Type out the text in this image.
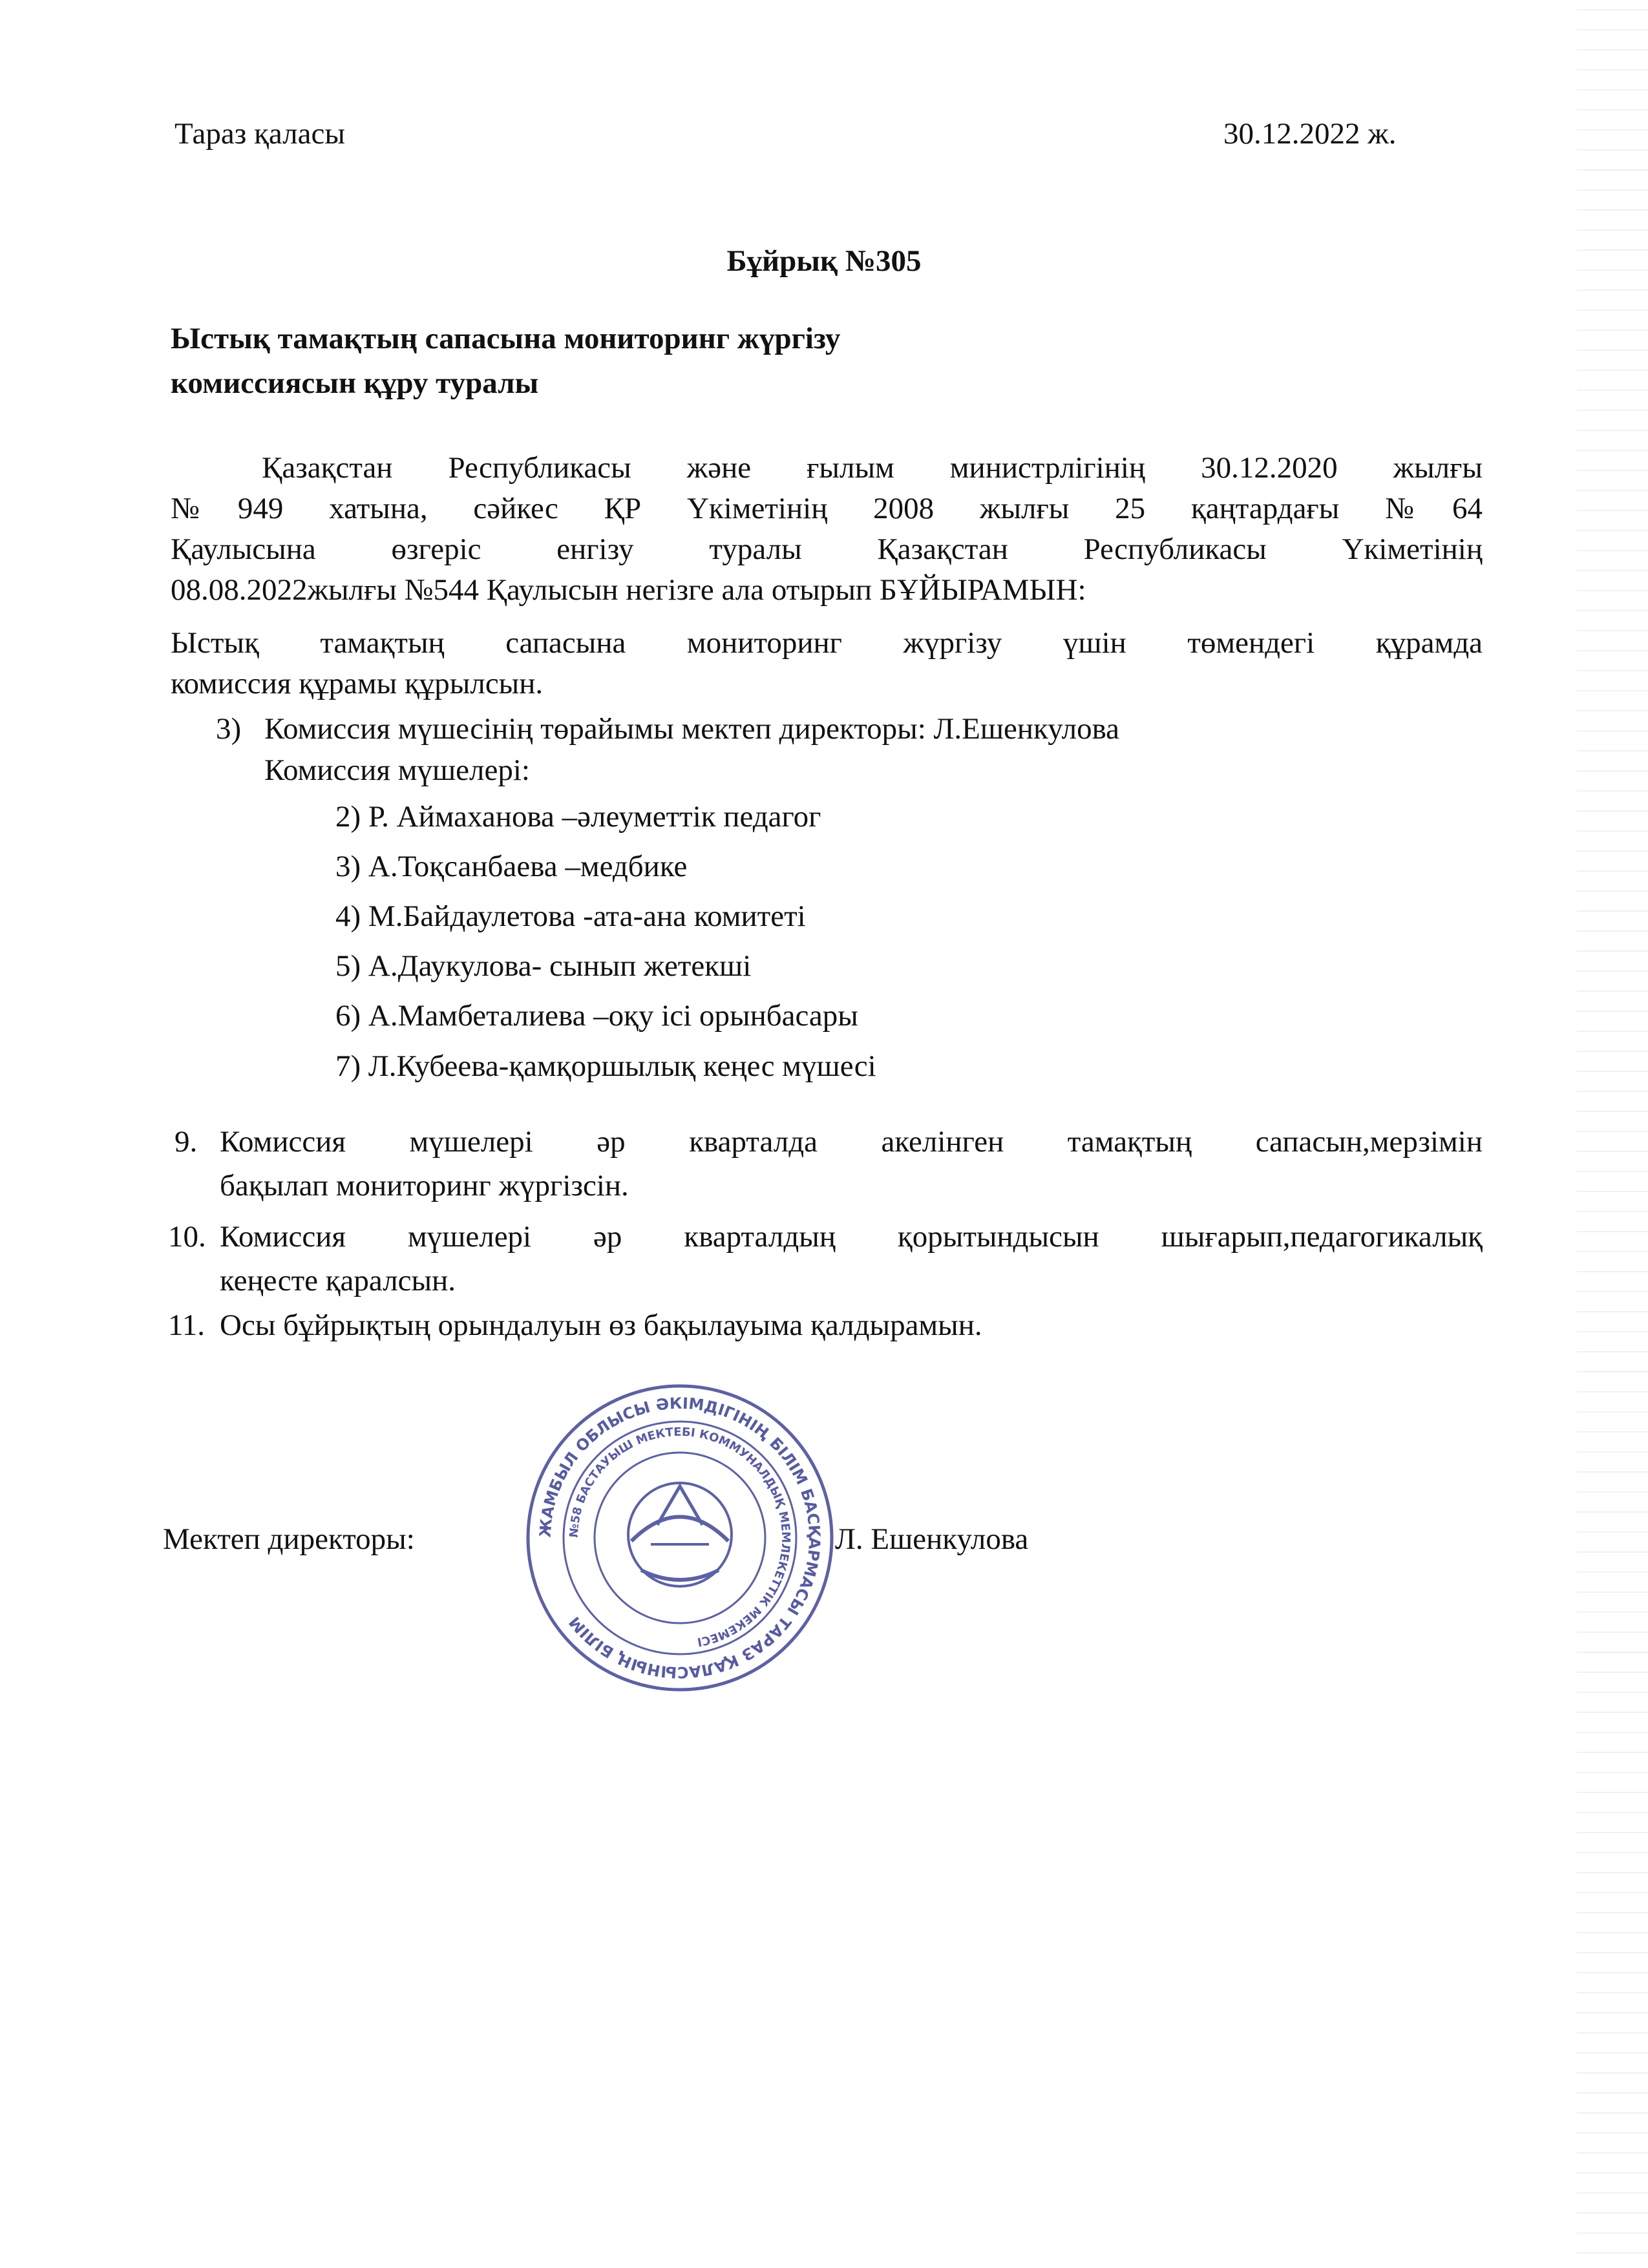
Тараз қаласы	30.12.2022 ж.
Бұйрық №305
Ыстық тамақтың сапасына мониторинг жүргізу
комиссиясын құру туралы
Қазақстан Республикасы және ғылым министрлігінің 30.12.2020 жылғы
№949 хатына, сәйкес ҚР Үкіметінің 2008 жылғы 25 қаңтардағы №64
Қаулысына өзгеріс енгізу туралы Қазақстан Республикасы Үкіметінің
08.08.2022жылғы №544 Қаулысын негізге ала отырып БҰЙЫРАМЫН:
Ыстық тамақтың сапасына мониторинг жүргізу үшін төмендегі құрамда
комиссия құрамы құрылсын.
3) Комиссия мүшесінің төрайымы мектеп директоры: Л.Ешенкулова
Комиссия мүшелері:
2) Р. Аймаханова –әлеуметтік педагог
3) А.Тоқсанбаева –медбике
4) М.Байдаулетова -ата-ана комитеті
5) А.Даукулова- сынып жетекші
6) А.Мамбеталиева –оқу ісі орынбасары
7) Л.Кубеева-қамқоршылық кеңес мүшесі
9. Комиссия мүшелері әр кварталда акелінген тамақтың сапасын,мерзімін
бақылап мониторинг жүргізсін.
10. Комиссия мүшелері әр кварталдың қорытындысын шығарып,педагогикалық
кеңесте қаралсын.
11. Осы бұйрықтың орындалуын өз бақылауыма қалдырамын.
Мектеп директоры:	Л. Ешенкулова
ЖАМБЫЛ ОБЛЫСЫ ӘКІМДІГІНІҢ БІЛІМ БАСҚАРМАСЫ ТАРАЗ ҚАЛАСЫНЫҢ БІЛІМ
№58 БАСТАУЫШ МЕКТЕБІ КОММУНАЛДЫҚ МЕМЛЕКЕТТІК МЕКЕМЕСІ
